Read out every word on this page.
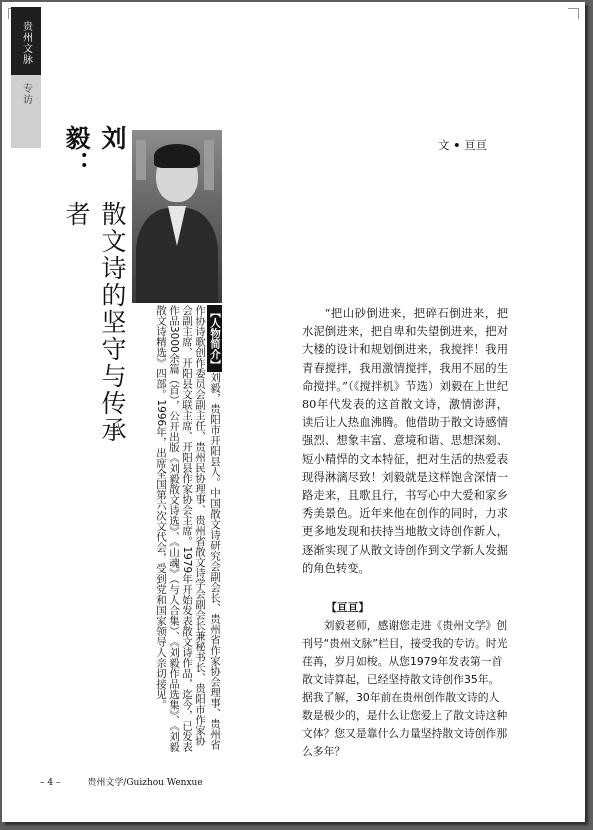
贵州文脉
专访
刘毅：
散文诗的坚守与传承者
【人物简介】刘毅，贵阳市开阳县人。中国散文诗研究会副会长、贵州省作家协会理事、贵州省作协诗歌创作委员会副主任、贵州民协理事、贵州省散文诗学会副会长兼秘书长、贵阳市作家协会副主席、开阳县文联主席、开阳县作家协会主席。1979年开始发表散文诗作品，迄今，已发表作品3000余篇（首），公开出版《刘毅散文诗选》、《山魂》（与人合集）、《刘毅作品选集》、《刘毅散文诗精选》四部。1996年，出席全国第六次文代会，受到党和国家领导人亲切接见。
文 • 亘亘

“把山砂倒进来，把碎石倒进来，把水泥倒进来，把自卑和失望倒进来，把对大楼的设计和规划倒进来，我搅拌！我用青春搅拌，我用激情搅拌，我用不屈的生命搅拌。”（《搅拌机》节选）刘毅在上世纪80年代发表的这首散文诗，激情澎湃，读后让人热血沸腾。他借助于散文诗感情强烈、想象丰富、意境和谐、思想深刻、短小精悍的文本特征，把对生活的热爱表现得淋漓尽致！刘毅就是这样饱含深情一路走来，且歌且行，书写心中大爱和家乡秀美景色。近年来他在创作的同时，力求更多地发现和扶持当地散文诗创作新人，逐渐实现了从散文诗创作到文学新人发掘的角色转变。

【亘亘】

刘毅老师，感谢您走进《贵州文学》创刊号“贵州文脉”栏目，接受我的专访。时光荏苒，岁月如梭。从您1979年发表第一首散文诗算起，已经坚持散文诗创作35年。据我了解，30年前在贵州创作散文诗的人数是极少的，是什么让您爱上了散文诗这种文体？您又是靠什么力量坚持散文诗创作那么多年？

– 4 –	贵州文学/Guizhou Wenxue
